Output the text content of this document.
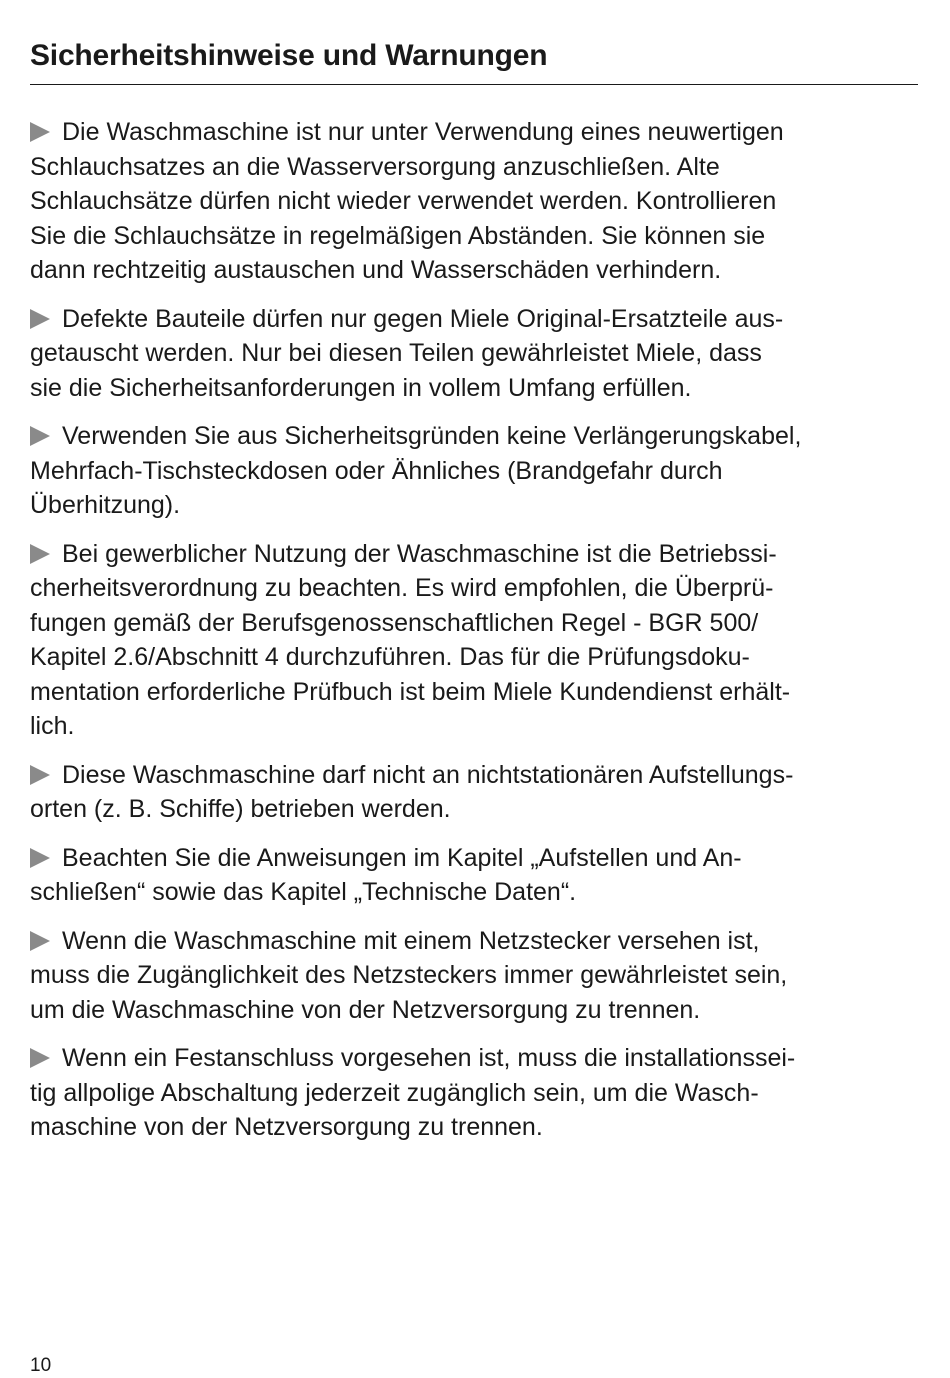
Sicherheitshinweise und Warnungen

Die Waschmaschine ist nur unter Verwendung eines neuwertigen
Schlauchsatzes an die Wasserversorgung anzuschließen. Alte
Schlauchsätze dürfen nicht wieder verwendet werden. Kontrollieren
Sie die Schlauchsätze in regelmäßigen Abständen. Sie können sie
dann rechtzeitig austauschen und Wasserschäden verhindern.

Defekte Bauteile dürfen nur gegen Miele Original-Ersatzteile aus-
getauscht werden. Nur bei diesen Teilen gewährleistet Miele, dass
sie die Sicherheitsanforderungen in vollem Umfang erfüllen.

Verwenden Sie aus Sicherheitsgründen keine Verlängerungskabel,
Mehrfach-Tischsteckdosen oder Ähnliches (Brandgefahr durch
Überhitzung).

Bei gewerblicher Nutzung der Waschmaschine ist die Betriebssi-
cherheitsverordnung zu beachten. Es wird empfohlen, die Überprü-
fungen gemäß der Berufsgenossenschaftlichen Regel - BGR 500/
Kapitel 2.6/Abschnitt 4 durchzuführen. Das für die Prüfungsdoku-
mentation erforderliche Prüfbuch ist beim Miele Kundendienst erhält-
lich.

Diese Waschmaschine darf nicht an nichtstationären Aufstellungs-
orten (z. B. Schiffe) betrieben werden.

Beachten Sie die Anweisungen im Kapitel „Aufstellen und An-
schließen“ sowie das Kapitel „Technische Daten“.

Wenn die Waschmaschine mit einem Netzstecker versehen ist,
muss die Zugänglichkeit des Netzsteckers immer gewährleistet sein,
um die Waschmaschine von der Netzversorgung zu trennen.

Wenn ein Festanschluss vorgesehen ist, muss die installationssei-
tig allpolige Abschaltung jederzeit zugänglich sein, um die Wasch-
maschine von der Netzversorgung zu trennen.

10
